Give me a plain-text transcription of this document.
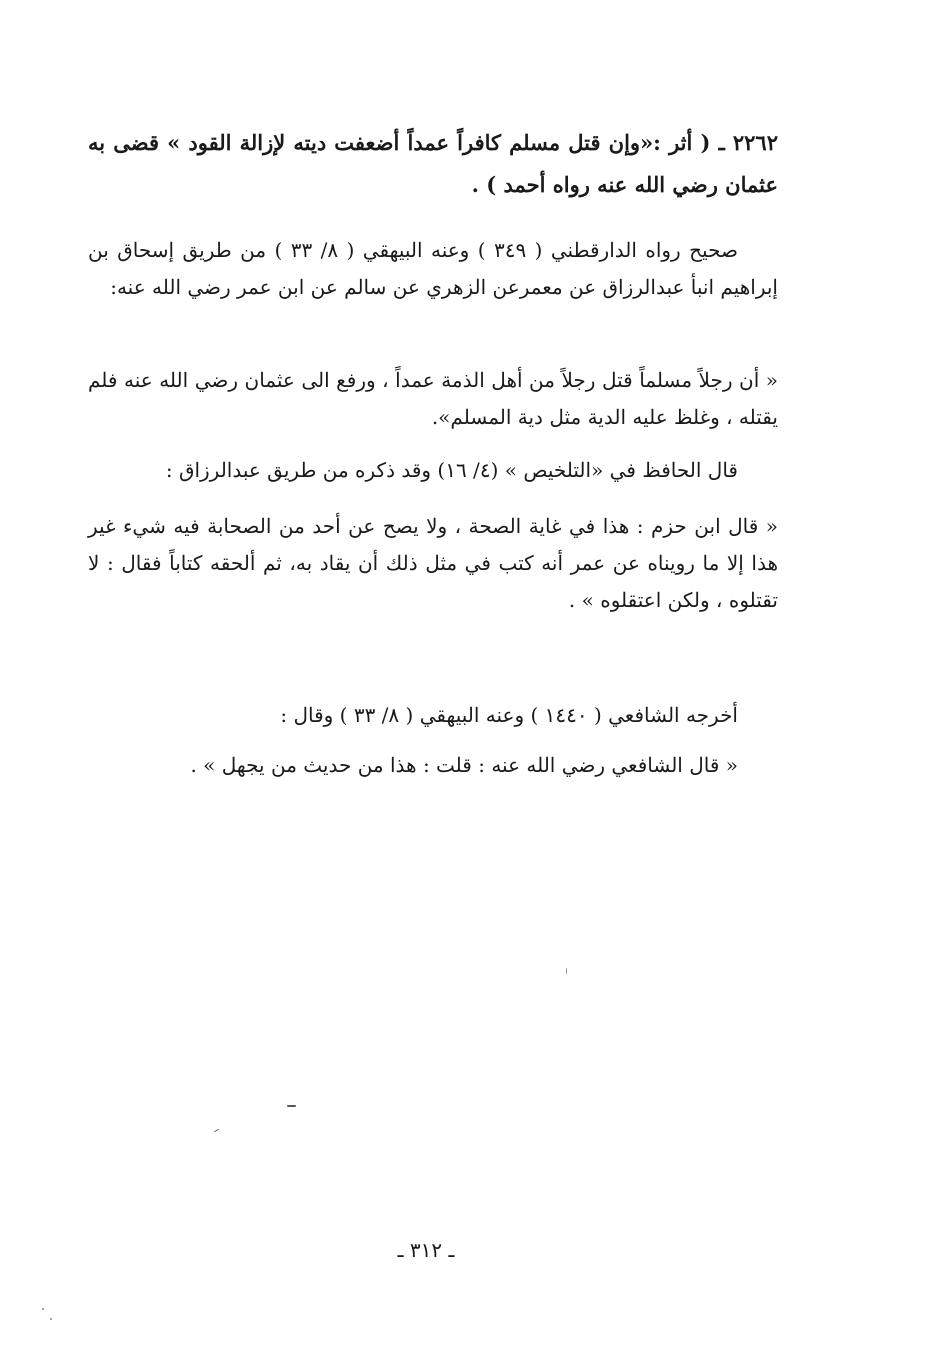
٢٢٦٢ ـ ( أثر :«وإن قتل مسلم كافراً عمداً أضعفت ديته لإزالة القود » قضى به عثمان رضي الله عنه رواه أحمد ) .

صحيح رواه الدارقطني ( ٣٤٩ ) وعنه البيهقي ( ٨/ ٣٣ ) من طريق إسحاق بن إبراهيم انبأ عبدالرزاق عن معمرعن الزهري عن سالم عن ابن عمر رضي الله عنه:

« أن رجلاً مسلماً قتل رجلاً من أهل الذمة عمداً ، ورفع الى عثمان رضي الله عنه فلم يقتله ، وغلظ عليه الدية مثل دية المسلم».

قال الحافظ في «التلخيص » (٤/ ١٦) وقد ذكره من طريق عبدالرزاق :

« قال ابن حزم : هذا في غاية الصحة ، ولا يصح عن أحد من الصحابة فيه شيء غير هذا إلا ما رويناه عن عمر أنه كتب في مثل ذلك أن يقاد به، ثم ألحقه كتاباً فقال : لا تقتلوه ، ولكن اعتقلوه » .

أخرجه الشافعي ( ١٤٤٠ ) وعنه البيهقي ( ٨/ ٣٣ ) وقال :

« قال الشافعي رضي الله عنه : قلت : هذا من حديث من يجهل » .

ـ ٣١٢ ـ
